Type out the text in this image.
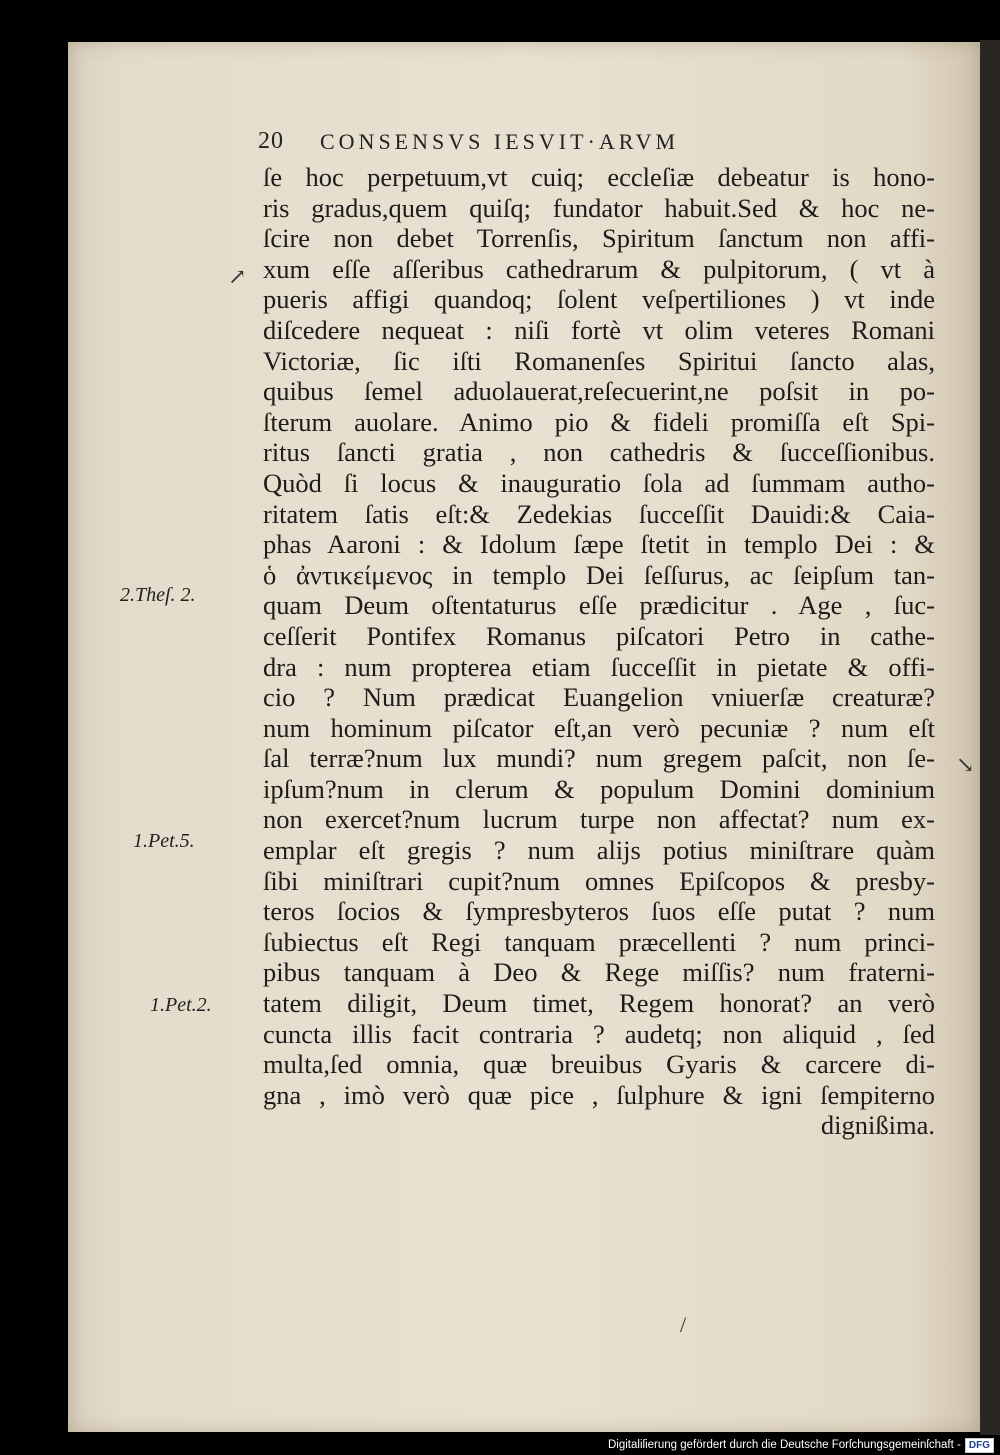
20 CONSENSVS IESVIT·ARVM
ſe hoc perpetuum,vt cuiq; eccleſiæ debeatur is hono-
ris gradus,quem quiſq; fundator habuit.Sed & hoc ne-
ſcire non debet Torrenſis, Spiritum ſanctum non affi-
xum eſſe aſſeribus cathedrarum & pulpitorum, ( vt à
pueris affigi quandoq; ſolent veſpertiliones ) vt inde
diſcedere nequeat : niſi fortè vt olim veteres Romani
Victoriæ, ſic iſti Romanenſes Spiritui ſancto alas,
quibus ſemel aduolauerat,reſecuerint,ne poſsit in po-
ſterum auolare. Animo pio & fideli promiſſa eſt Spi-
ritus ſancti gratia , non cathedris & ſucceſſionibus.
Quòd ſi locus & inauguratio ſola ad ſummam autho-
ritatem ſatis eſt:& Zedekias ſucceſſit Dauidi:& Caia-
phas Aaroni : & Idolum ſæpe ſtetit in templo Dei : &
ὁ ἀντικείμενος in templo Dei ſeſſurus, ac ſeipſum tan-
quam Deum oſtentaturus eſſe prædicitur . Age , ſuc-
ceſſerit Pontifex Romanus piſcatori Petro in cathe-
dra : num propterea etiam ſucceſſit in pietate & offi-
cio ? Num prædicat Euangelion vniuerſæ creaturæ?
num hominum piſcator eſt,an verò pecuniæ ? num eſt
ſal terræ?num lux mundi? num gregem paſcit, non ſe-
ipſum?num in clerum & populum Domini dominium
non exercet?num lucrum turpe non affectat? num ex-
emplar eſt gregis ? num alijs potius miniſtrare quàm
ſibi miniſtrari cupit?num omnes Epiſcopos & presby-
teros ſocios & ſympresbyteros ſuos eſſe putat ? num
ſubiectus eſt Regi tanquam præcellenti ? num princi-
pibus tanquam à Deo & Rege miſſis? num fraterni-
tatem diligit, Deum timet, Regem honorat? an verò
cuncta illis facit contraria ? audetq; non aliquid , ſed
multa,ſed omnia, quæ breuibus Gyaris & carcere di-
gna , imò verò quæ pice , ſulphure & igni ſempiterno
dignißima.
2.Theſ. 2.
1.Pet.5.
1.Pet.2.
↗
↘
/
Digitaliſierung gefördert durch die Deutsche Forſchungsgemeinſchaft - DFG
